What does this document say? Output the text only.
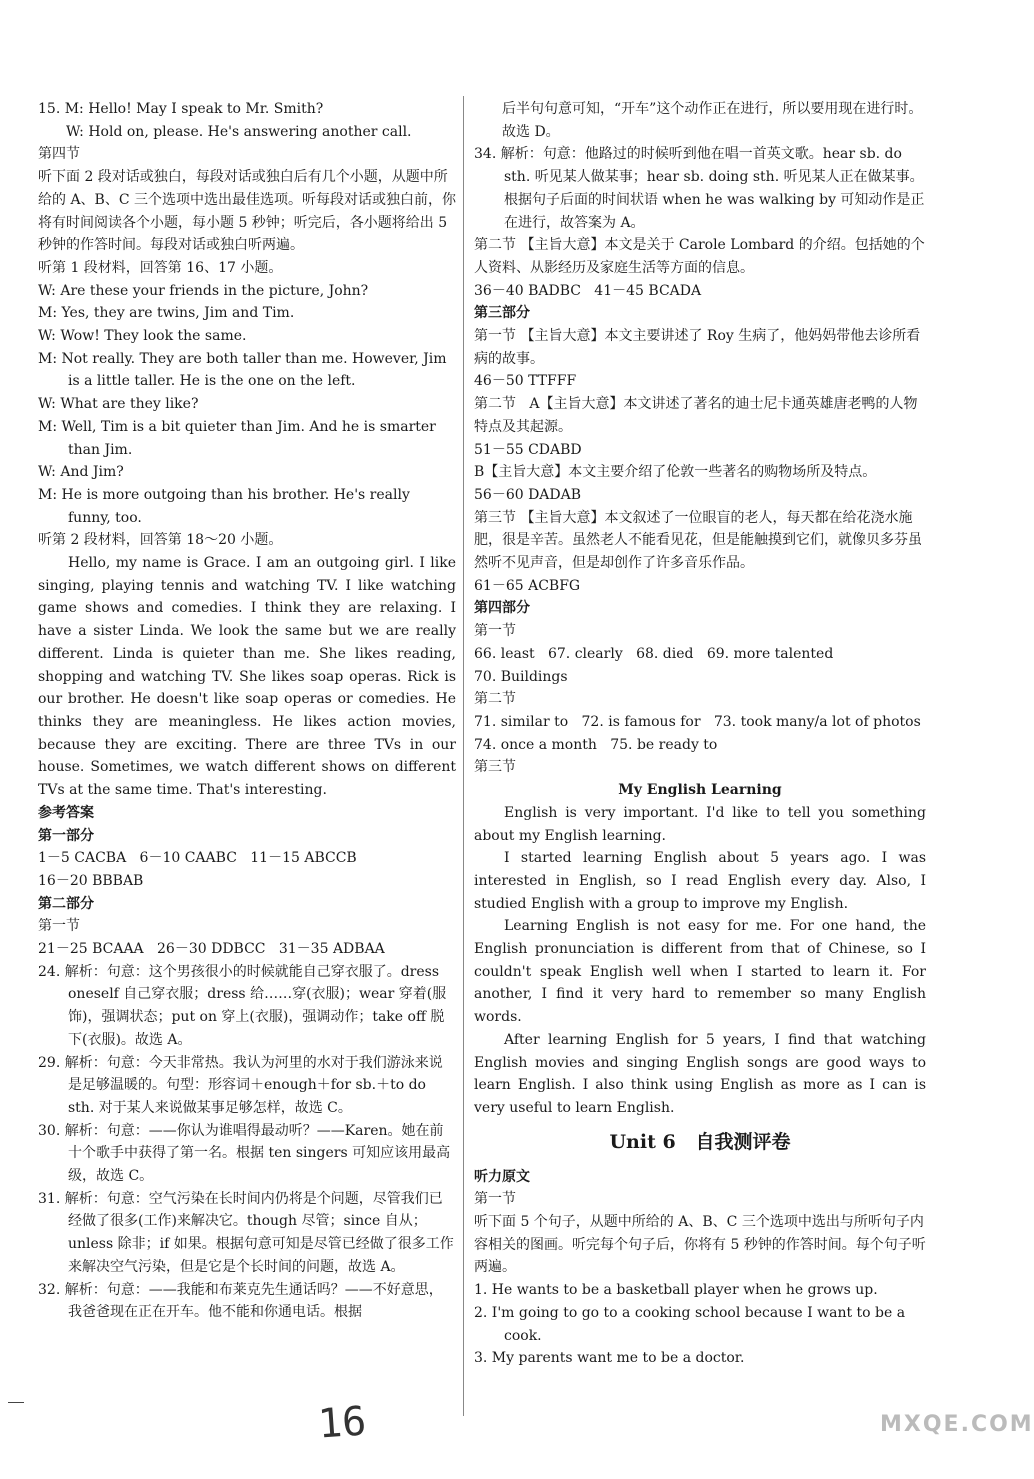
15. M: Hello! May I speak to Mr. Smith?
W: Hold on, please. He's answering another call.
第四节
听下面 2 段对话或独白，每段对话或独白后有几个小题，从题中所给的 A、B、C 三个选项中选出最佳选项。听每段对话或独白前，你将有时间阅读各个小题，每小题 5 秒钟；听完后，各小题将给出 5 秒钟的作答时间。每段对话或独白听两遍。
听第 1 段材料，回答第 16、17 小题。
W: Are these your friends in the picture, John?
M: Yes, they are twins, Jim and Tim.
W: Wow! They look the same.
M: Not really. They are both taller than me. However, Jim is a little taller. He is the one on the left.
W: What are they like?
M: Well, Tim is a bit quieter than Jim. And he is smarter than Jim.
W: And Jim?
M: He is more outgoing than his brother. He's really funny, too.
听第 2 段材料，回答第 18～20 小题。
Hello, my name is Grace. I am an outgoing girl. I like singing, playing tennis and watching TV. I like watching game shows and comedies. I think they are relaxing. I have a sister Linda. We look the same but we are really different. Linda is quieter than me. She likes reading, shopping and watching TV. She likes soap operas. Rick is our brother. He doesn't like soap operas or comedies. He thinks they are meaningless. He likes action movies, because they are exciting. There are three TVs in our house. Sometimes, we watch different shows on different TVs at the same time. That's interesting.
参考答案
第一部分
1－5 CACBA   6－10 CAABC   11－15 ABCCB
16－20 BBBAB
第二部分
第一节
21－25 BCAAA   26－30 DDBCC   31－35 ADBAA
24. 解析：句意：这个男孩很小的时候就能自己穿衣服了。dress oneself 自己穿衣服；dress 给……穿(衣服)；wear 穿着(服饰)，强调状态；put on 穿上(衣服)，强调动作；take off 脱下(衣服)。故选 A。
29. 解析：句意：今天非常热。我认为河里的水对于我们游泳来说是足够温暖的。句型：形容词＋enough＋for sb.＋to do sth. 对于某人来说做某事足够怎样，故选 C。
30. 解析：句意：——你认为谁唱得最动听？——Karen。她在前十个歌手中获得了第一名。根据 ten singers 可知应该用最高级，故选 C。
31. 解析：句意：空气污染在长时间内仍将是个问题，尽管我们已经做了很多(工作)来解决它。though 尽管；since 自从；unless 除非；if 如果。根据句意可知是尽管已经做了很多工作来解决空气污染，但是它是个长时间的问题，故选 A。
32. 解析：句意：——我能和布莱克先生通话吗？——不好意思，我爸爸现在正在开车。他不能和你通电话。根据
后半句句意可知，“开车”这个动作正在进行，所以要用现在进行时。故选 D。
34. 解析：句意：他路过的时候听到他在唱一首英文歌。hear sb. do sth. 听见某人做某事；hear sb. doing sth. 听见某人正在做某事。根据句子后面的时间状语 when he was walking by 可知动作是正在进行，故答案为 A。
第二节 【主旨大意】本文是关于 Carole Lombard 的介绍。包括她的个人资料、从影经历及家庭生活等方面的信息。
36－40 BADBC   41－45 BCADA
第三部分
第一节 【主旨大意】本文主要讲述了 Roy 生病了，他妈妈带他去诊所看病的故事。
46－50 TTFFF
第二节   A【主旨大意】本文讲述了著名的迪士尼卡通英雄唐老鸭的人物特点及其起源。
51－55 CDABD
B【主旨大意】本文主要介绍了伦敦一些著名的购物场所及特点。
56－60 DADAB
第三节 【主旨大意】本文叙述了一位眼盲的老人，每天都在给花浇水施肥，很是辛苦。虽然老人不能看见花，但是能触摸到它们，就像贝多芬虽然听不见声音，但是却创作了许多音乐作品。
61－65 ACBFG
第四部分
第一节
66. least   67. clearly   68. died   69. more talented
70. Buildings
第二节
71. similar to   72. is famous for   73. took many/a lot of photos
74. once a month   75. be ready to
第三节
My English Learning
English is very important. I'd like to tell you something about my English learning.
I started learning English about 5 years ago. I was interested in English, so I read English every day. Also, I studied English with a group to improve my English.
Learning English is not easy for me. For one hand, the English pronunciation is different from that of Chinese, so I couldn't speak English well when I started to learn it. For another, I find it very hard to remember so many English words.
After learning English for 5 years, I find that watching English movies and singing English songs are good ways to learn English. I also think using English as more as I can is very useful to learn English.
Unit 6   自我测评卷
听力原文
第一节
听下面 5 个句子，从题中所给的 A、B、C 三个选项中选出与所听句子内容相关的图画。听完每个句子后，你将有 5 秒钟的作答时间。每个句子听两遍。
1. He wants to be a basketball player when he grows up.
2. I'm going to go to a cooking school because I want to be a cook.
3. My parents want me to be a doctor.
16	MXQE.COM
